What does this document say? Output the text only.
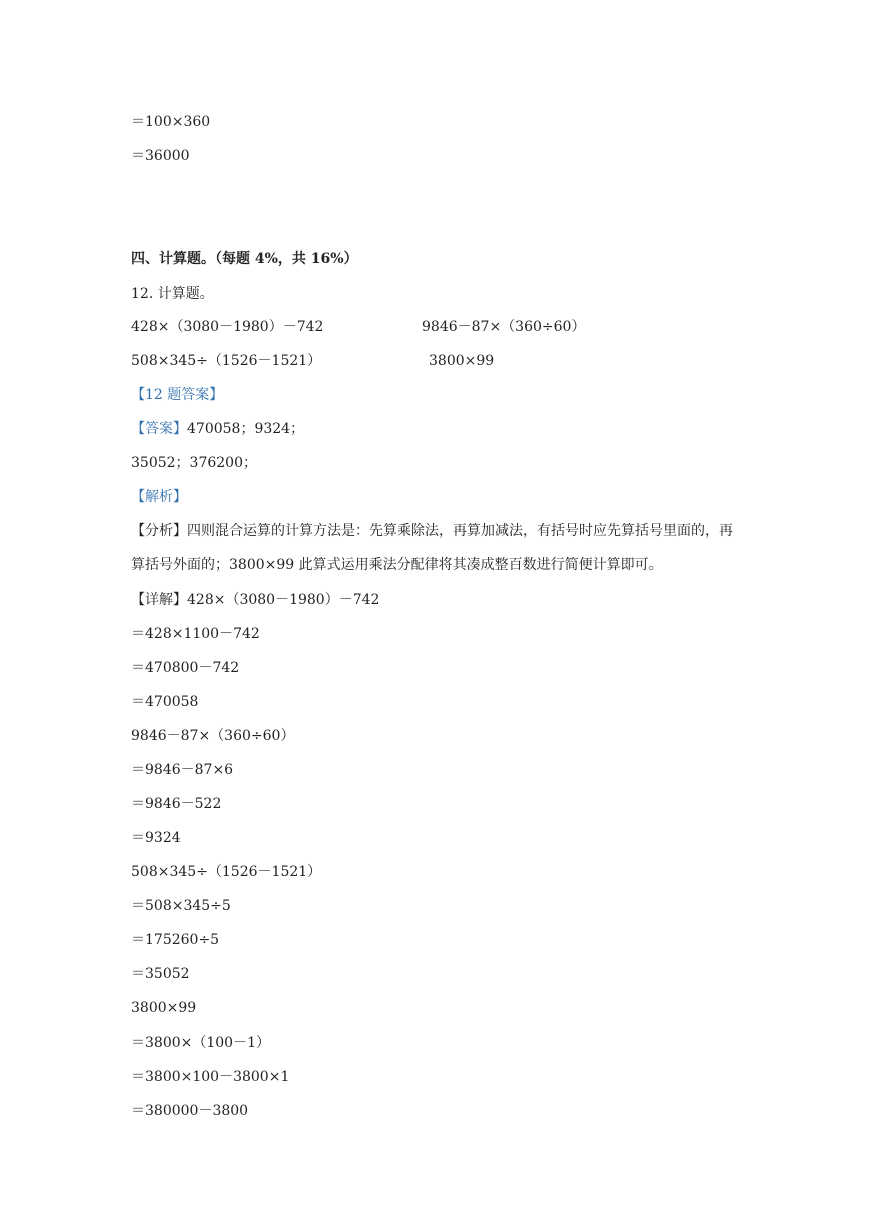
＝100×360
＝36000
四、计算题。（每题 4%，共 16%）
12. 计算题。
428×（3080－1980）－742	9846－87×（360÷60）
508×345÷（1526－1521）	3800×99
【12 题答案】
【答案】470058；9324；
35052；376200；
【解析】
【分析】四则混合运算的计算方法是：先算乘除法，再算加减法，有括号时应先算括号里面的，再算括号外面的；3800×99 此算式运用乘法分配律将其凑成整百数进行简便计算即可。
【详解】428×（3080－1980）－742
＝428×1100－742
＝470800－742
＝470058
9846－87×（360÷60）
＝9846－87×6
＝9846－522
＝9324
508×345÷（1526－1521）
＝508×345÷5
＝175260÷5
＝35052
3800×99
＝3800×（100－1）
＝3800×100－3800×1
＝380000－3800
